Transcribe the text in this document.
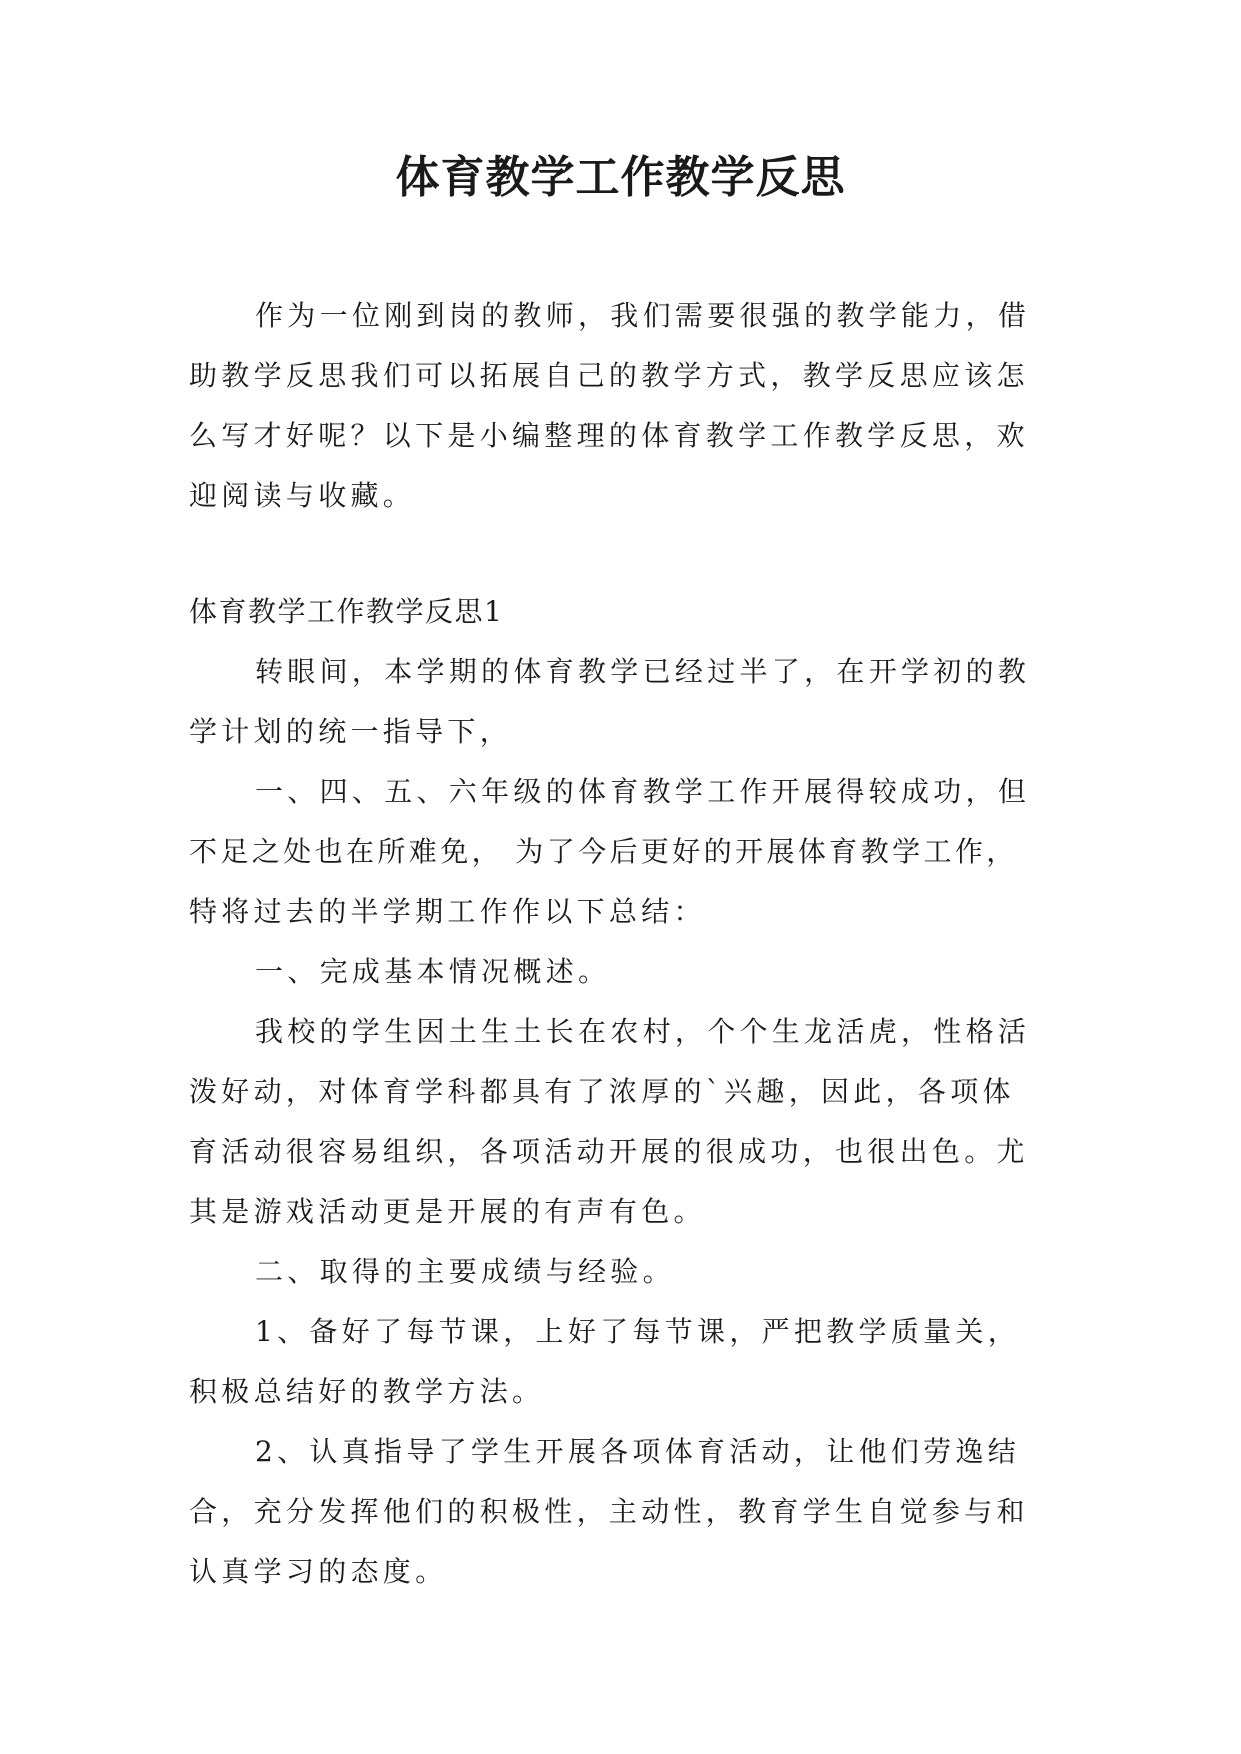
体育教学工作教学反思
作为一位刚到岗的教师，我们需要很强的教学能力，借
助教学反思我们可以拓展自己的教学方式，教学反思应该怎
么写才好呢？以下是小编整理的体育教学工作教学反思，欢
迎阅读与收藏。
体育教学工作教学反思1
转眼间，本学期的体育教学已经过半了，在开学初的教
学计划的统一指导下，
一、四、五、六年级的体育教学工作开展得较成功，但
不足之处也在所难免， 为了今后更好的开展体育教学工作，
特将过去的半学期工作作以下总结：
一、完成基本情况概述。
我校的学生因土生土长在农村，个个生龙活虎，性格活
泼好动，对体育学科都具有了浓厚的`兴趣，因此，各项体
育活动很容易组织，各项活动开展的很成功，也很出色。尤
其是游戏活动更是开展的有声有色。
二、取得的主要成绩与经验。
1、备好了每节课，上好了每节课，严把教学质量关，
积极总结好的教学方法。
2、认真指导了学生开展各项体育活动，让他们劳逸结
合，充分发挥他们的积极性，主动性，教育学生自觉参与和
认真学习的态度。
